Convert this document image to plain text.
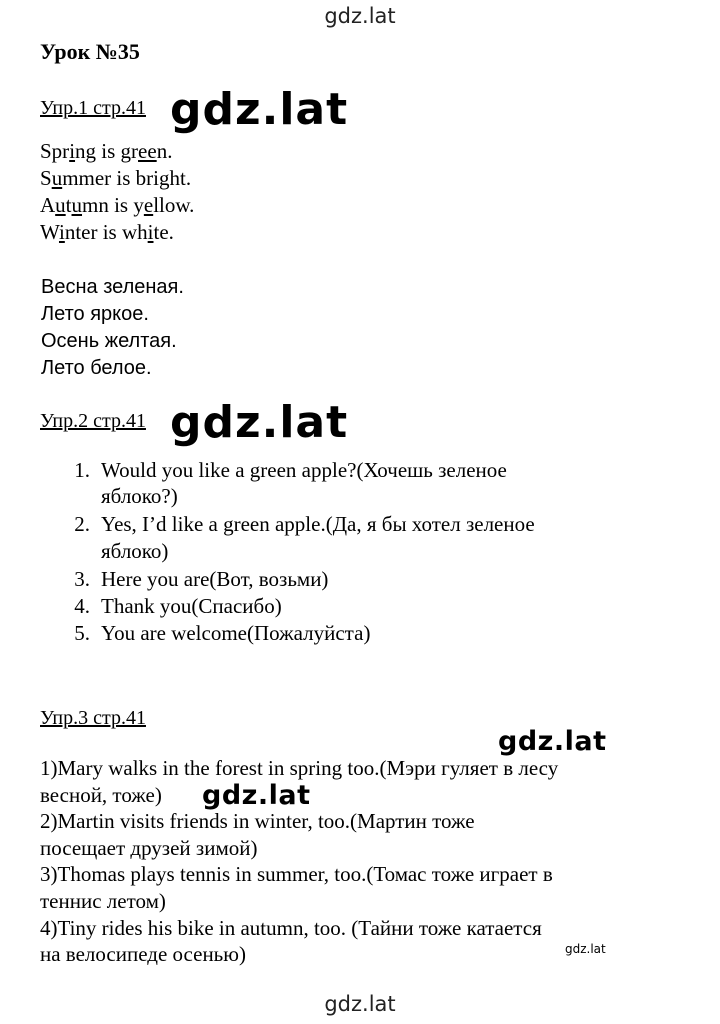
gdz.lat
gdz.lat
Урок №35
Упр.1 стр.41 gdz.lat
Spring is green.
Summer is bright.
Autumn is yellow.
Winter is white.
Весна зеленая.
Лето яркое.
Осень желтая.
Лето белое.
Упр.2 стр.41 gdz.lat
1. Would you like a green apple?(Хочешь зеленое
яблоко?)
2. Yes, I’d like a green apple.(Да, я бы хотел зеленое
яблоко)
3. Here you are(Вот, возьми)
4. Thank you(Спасибо)
5. You are welcome(Пожалуйста)
Упр.3 стр.41
gdz.lat
gdz.lat
gdz.lat
1)Mary walks in the forest in spring too.(Мэри гуляет в лесу
весной, тоже)
2)Martin visits friends in winter, too.(Мартин тоже
посещает друзей зимой)
3)Thomas plays tennis in summer, too.(Томас тоже играет в
теннис летом)
4)Tiny rides his bike in autumn, too. (Тайни тоже катается
на велосипеде осенью)
